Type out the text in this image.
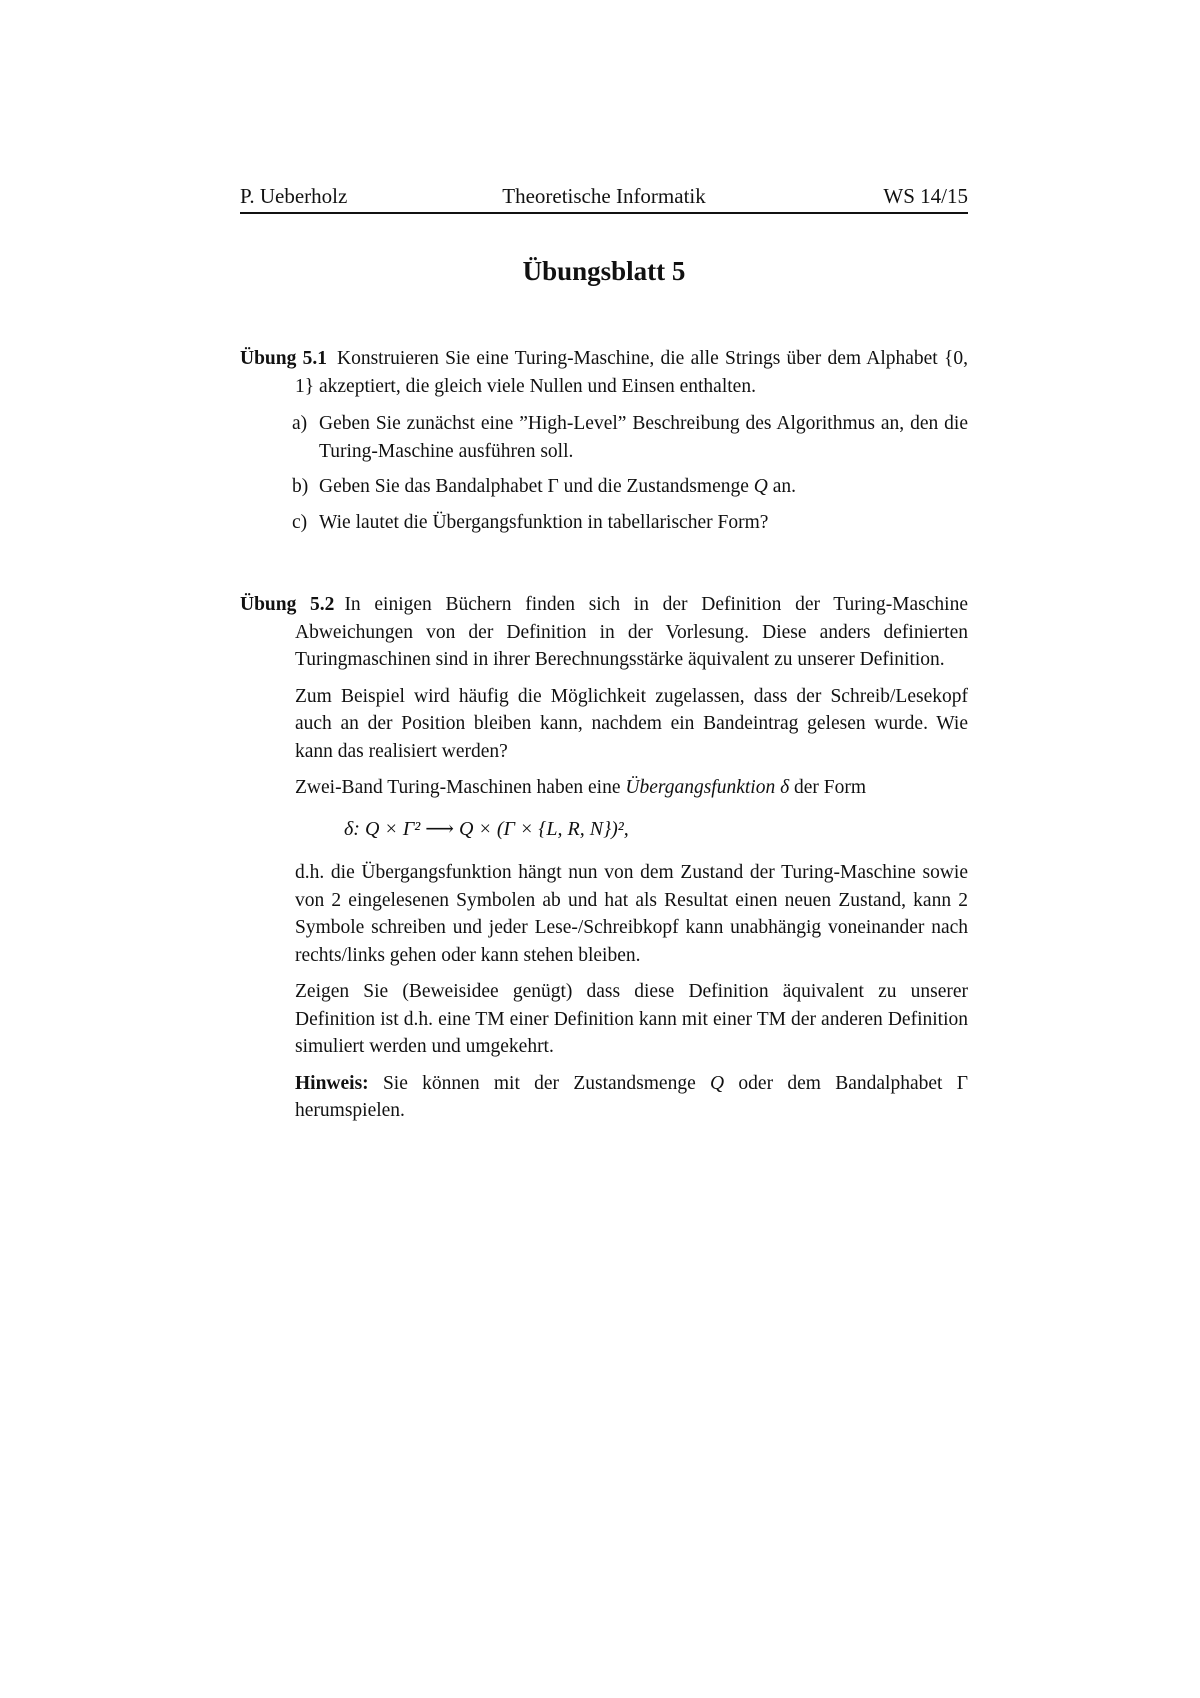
P. Ueberholz	Theoretische Informatik	WS 14/15
Übungsblatt 5

Übung 5.1 Konstruieren Sie eine Turing-Maschine, die alle Strings über dem Alphabet {0, 1} akzeptiert, die gleich viele Nullen und Einsen enthalten.

a) Geben Sie zunächst eine ”High-Level” Beschreibung des Algorithmus an, den die Turing-Maschine ausführen soll.
b) Geben Sie das Bandalphabet Γ und die Zustandsmenge Q an.
c) Wie lautet die Übergangsfunktion in tabellarischer Form?

Übung 5.2 In einigen Büchern finden sich in der Definition der Turing-Maschine Abweichungen von der Definition in der Vorlesung. Diese anders definierten Turingmaschinen sind in ihrer Berechnungsstärke äquivalent zu unserer Definition.

Zum Beispiel wird häufig die Möglichkeit zugelassen, dass der Schreib/Lesekopf auch an der Position bleiben kann, nachdem ein Bandeintrag gelesen wurde. Wie kann das realisiert werden?

Zwei-Band Turing-Maschinen haben eine Übergangsfunktion δ der Form

δ: Q × Γ² ⟶ Q × (Γ × {L, R, N})²,

d.h. die Übergangsfunktion hängt nun von dem Zustand der Turing-Maschine sowie von 2 eingelesenen Symbolen ab und hat als Resultat einen neuen Zustand, kann 2 Symbole schreiben und jeder Lese-/Schreibkopf kann unabhängig voneinander nach rechts/links gehen oder kann stehen bleiben.

Zeigen Sie (Beweisidee genügt) dass diese Definition äquivalent zu unserer Definition ist d.h. eine TM einer Definition kann mit einer TM der anderen Definition simuliert werden und umgekehrt.

Hinweis: Sie können mit der Zustandsmenge Q oder dem Bandalphabet Γ herumspielen.
